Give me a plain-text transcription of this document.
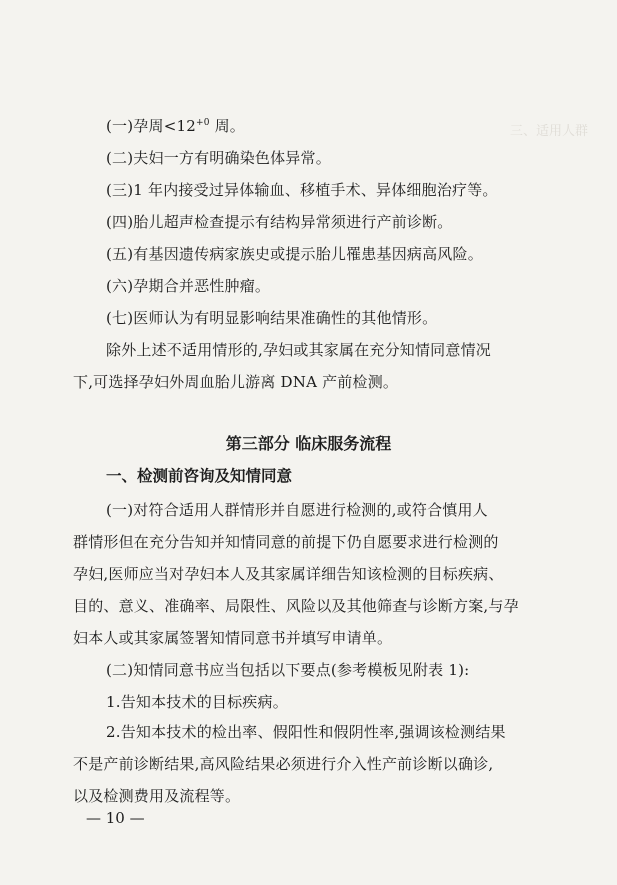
三、适用人群
(一)孕周$<12^{+0}$ 周。
(二)夫妇一方有明确染色体异常。
(三)1 年内接受过异体输血、移植手术、异体细胞治疗等。
(四)胎儿超声检查提示有结构异常须进行产前诊断。
(五)有基因遗传病家族史或提示胎儿罹患基因病高风险。
(六)孕期合并恶性肿瘤。
(七)医师认为有明显影响结果准确性的其他情形。
除外上述不适用情形的,孕妇或其家属在充分知情同意情况
下,可选择孕妇外周血胎儿游离 DNA 产前检测。
第三部分 临床服务流程
一、检测前咨询及知情同意
(一)对符合适用人群情形并自愿进行检测的,或符合慎用人
群情形但在充分告知并知情同意的前提下仍自愿要求进行检测的
孕妇,医师应当对孕妇本人及其家属详细告知该检测的目标疾病、
目的、意义、准确率、局限性、风险以及其他筛查与诊断方案,与孕
妇本人或其家属签署知情同意书并填写申请单。
(二)知情同意书应当包括以下要点(参考模板见附表 1):
1.告知本技术的目标疾病。
2.告知本技术的检出率、假阳性和假阴性率,强调该检测结果
不是产前诊断结果,高风险结果必须进行介入性产前诊断以确诊,
以及检测费用及流程等。
— 10 —
